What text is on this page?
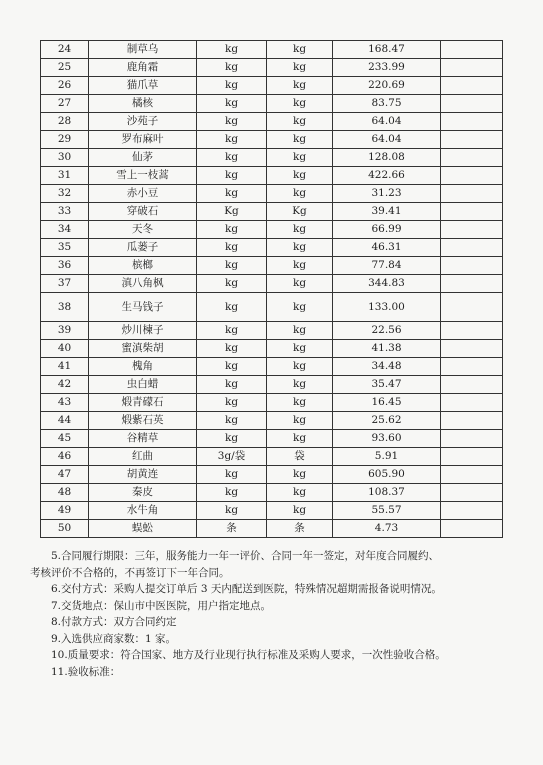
24	制草乌	kg	kg	168.47	
25	鹿角霜	kg	kg	233.99	
26	猫爪草	kg	kg	220.69	
27	橘核	kg	kg	83.75	
28	沙苑子	kg	kg	64.04	
29	罗布麻叶	kg	kg	64.04	
30	仙茅	kg	kg	128.08	
31	雪上一枝蒿	kg	kg	422.66	
32	赤小豆	kg	kg	31.23	
33	穿破石	Kg	Kg	39.41	
34	天冬	kg	kg	66.99	
35	瓜蒌子	kg	kg	46.31	
36	槟榔	kg	kg	77.84	
37	滇八角枫	kg	kg	344.83	
38	生马钱子	kg	kg	133.00	
39	炒川楝子	kg	kg	22.56	
40	蜜滇柴胡	kg	kg	41.38	
41	槐角	kg	kg	34.48	
42	虫白蜡	kg	kg	35.47	
43	煅青礞石	kg	kg	16.45	
44	煅紫石英	kg	kg	25.62	
45	谷精草	kg	kg	93.60	
46	红曲	3g/袋	袋	5.91	
47	胡黄连	kg	kg	605.90	
48	秦皮	kg	kg	108.37	
49	水牛角	kg	kg	55.57	
50	蜈蚣	条	条	4.73	

5.合同履行期限：三年，服务能力一年一评价、合同一年一签定，对年度合同履约、

考核评价不合格的，不再签订下一年合同。

6.交付方式：采购人提交订单后 3 天内配送到医院，特殊情况超期需报备说明情况。

7.交货地点：保山市中医医院，用户指定地点。

8.付款方式：双方合同约定

9.入选供应商家数：1 家。

10.质量要求：符合国家、地方及行业现行执行标准及采购人要求，一次性验收合格。

11.验收标准：
